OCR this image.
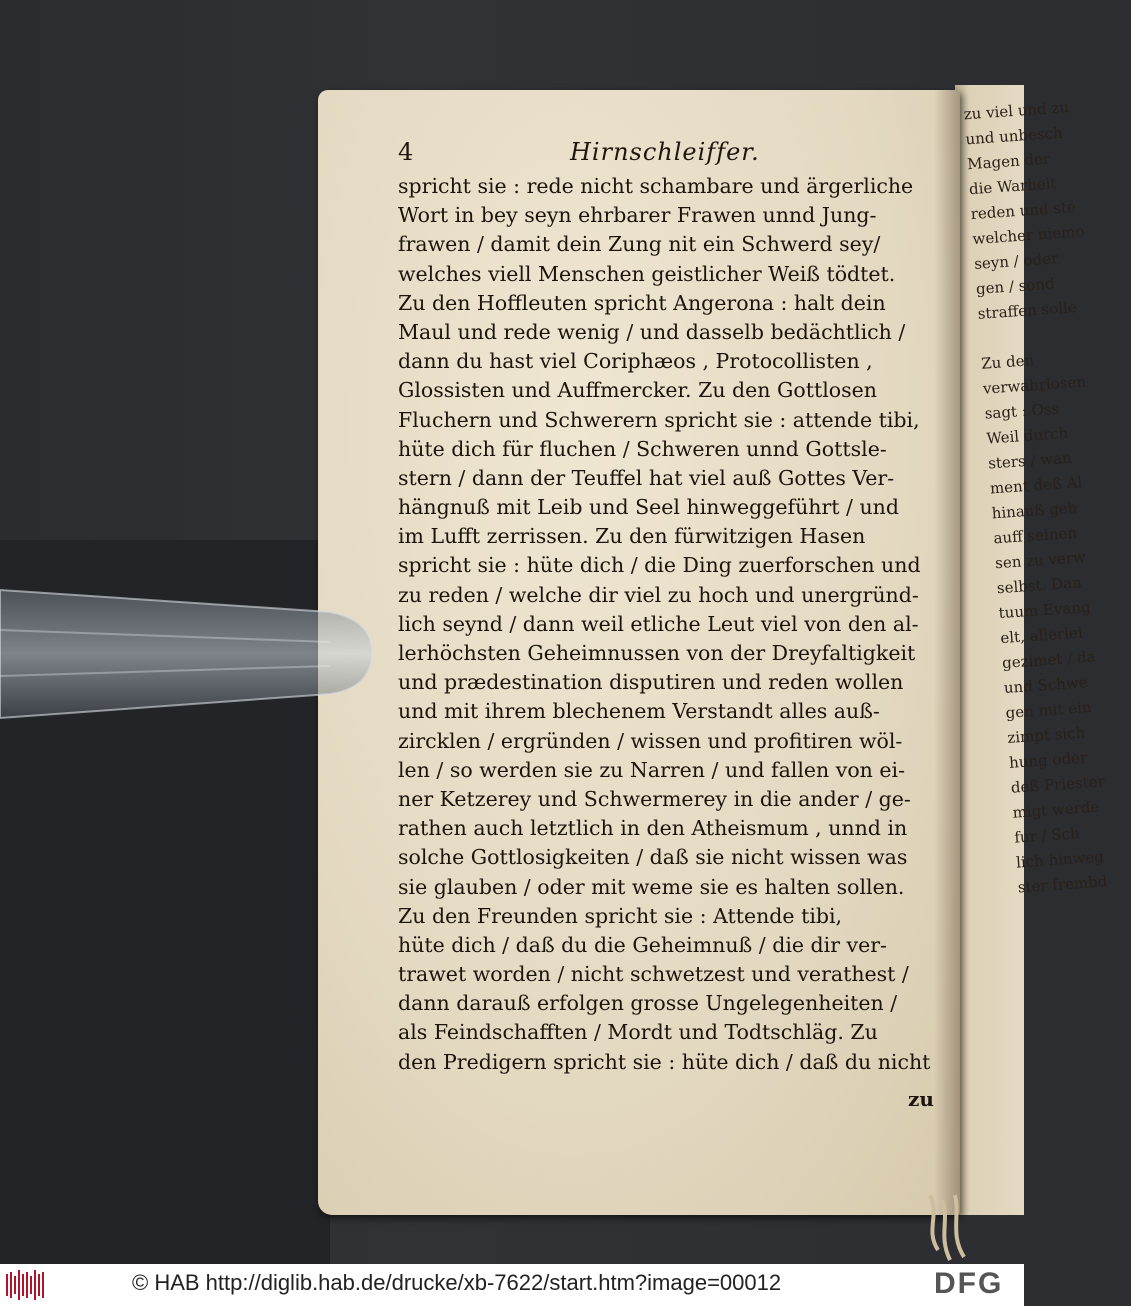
zu viel und zu
und unbesch
Magen der
die Warheit
reden und ste
welcher niemo
seyn / oder
gen / sond
straffen solle

Zu den
verwahrlosen
sagt : Oss
Weil durch
sters / wan
ment deß Al
hinauß geh
auff seinen
sen zu verw
selbst. Dan
tuum Evang
elt, allerlei
gezimet / da
und Schwe
gen mit ein
zimpt sich
hung oder
deß Priester
migt werde
fur / Sch
lich hinweg
ster frembd
4	Hirnschleiffer.
spricht sie : rede nicht schambare und ärgerliche
Wort in bey seyn ehrbarer Frawen unnd Jung-
frawen / damit dein Zung nit ein Schwerd sey/
welches viell Menschen geistlicher Weiß tödtet.
Zu den Hoffleuten spricht Angerona : halt dein
Maul und rede wenig / und dasselb bedächtlich /
dann du hast viel Coriphæos , Protocollisten ,
Glossisten und Auffmercker. Zu den Gottlosen
Fluchern und Schwerern spricht sie : attende tibi,
hüte dich für fluchen / Schweren unnd Gottsle-
stern / dann der Teuffel hat viel auß Gottes Ver-
hängnuß mit Leib und Seel hinweggeführt / und
im Lufft zerrissen. Zu den fürwitzigen Hasen
spricht sie : hüte dich / die Ding zuerforschen und
zu reden / welche dir viel zu hoch und unergründ-
lich seynd / dann weil etliche Leut viel von den al-
lerhöchsten Geheimnussen von der Dreyfaltigkeit
und prædestination disputiren und reden wollen
und mit ihrem blechenem Verstandt alles auß-
zircklen / ergründen / wissen und profitiren wöl-
len / so werden sie zu Narren / und fallen von ei-
ner Ketzerey und Schwermerey in die ander / ge-
rathen auch letztlich in den Atheismum , unnd in
solche Gottlosigkeiten / daß sie nicht wissen was
sie glauben / oder mit weme sie es halten sollen.
Zu den Freunden spricht sie : Attende tibi,
hüte dich / daß du die Geheimnuß / die dir ver-
trawet worden / nicht schwetzest und verathest /
dann darauß erfolgen grosse Ungelegenheiten /
als Feindschafften / Mordt und Todtschläg. Zu
den Predigern spricht sie : hüte dich / daß du nicht
zu
© HAB http://diglib.hab.de/drucke/xb-7622/start.htm?image=00012	DFG
